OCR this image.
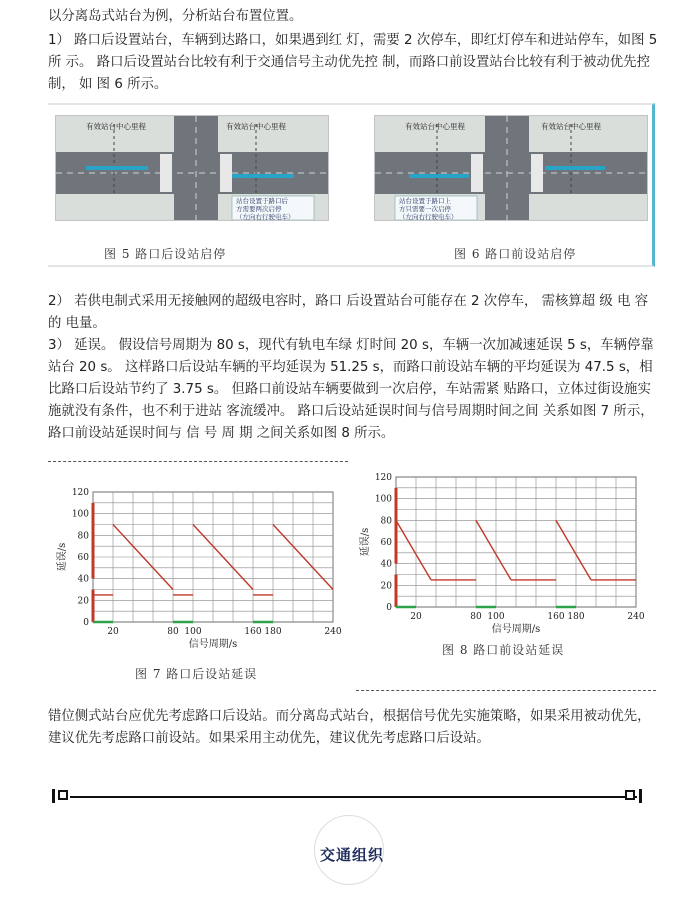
以分离岛式站台为例，分析站台布置位置。
1） 路口后设置站台，车辆到达路口，如果遇到红 灯，需要 2 次停车，即红灯停车和进站停车，如图 5 所 示。 路口后设置站台比较有利于交通信号主动优先控 制，而路口前设置站台比较有利于被动优先控制， 如 图 6 所示。
有效站台中心里程	有效站台中心里程
站台设置于路口后
方需要两次启停
（左向右行驶电车）
图 5 路口后设站启停
有效站台中心里程	有效站台中心里程
站台设置于路口上
方只需要一次启停
（左向右行驶电车）
图 6 路口前设站启停
2） 若供电制式采用无接触网的超级电容时，路口 后设置站台可能存在 2 次停车， 需核算超 级 电 容 的 电量。
3） 延误。 假设信号周期为 80 s，现代有轨电车绿 灯时间 20 s，车辆一次加减速延误 5 s，车辆停靠 站台 20 s。 这样路口后设站车辆的平均延误为 51.25 s，而路口前设站车辆的平均延误为 47.5 s，相比路口后设站节约了 3.75 s。 但路口前设站车辆要做到一次启停，车站需紧 贴路口，立体过街设施实施就没有条件，也不利于进站 客流缓冲。 路口后设站延误时间与信号周期时间之间 关系如图 7 所示， 路口前设站延误时间与 信 号 周 期 之间关系如图 8 所示。
0
20
40
60
80
100
120
20	80 100	160 180	240
信号周期/s
延误/s
图 7 路口后设站延误
0
20
40
60
80
100
120
20	80 100	160 180	240
信号周期/s
延误/s
图 8 路口前设站延误
错位侧式站台应优先考虑路口后设站。而分离岛式站台，根据信号优先实施策略，如果采用被动优先，建议优先考虑路口前设站。如果采用主动优先，建议优先考虑路口后设站。
交通组织
